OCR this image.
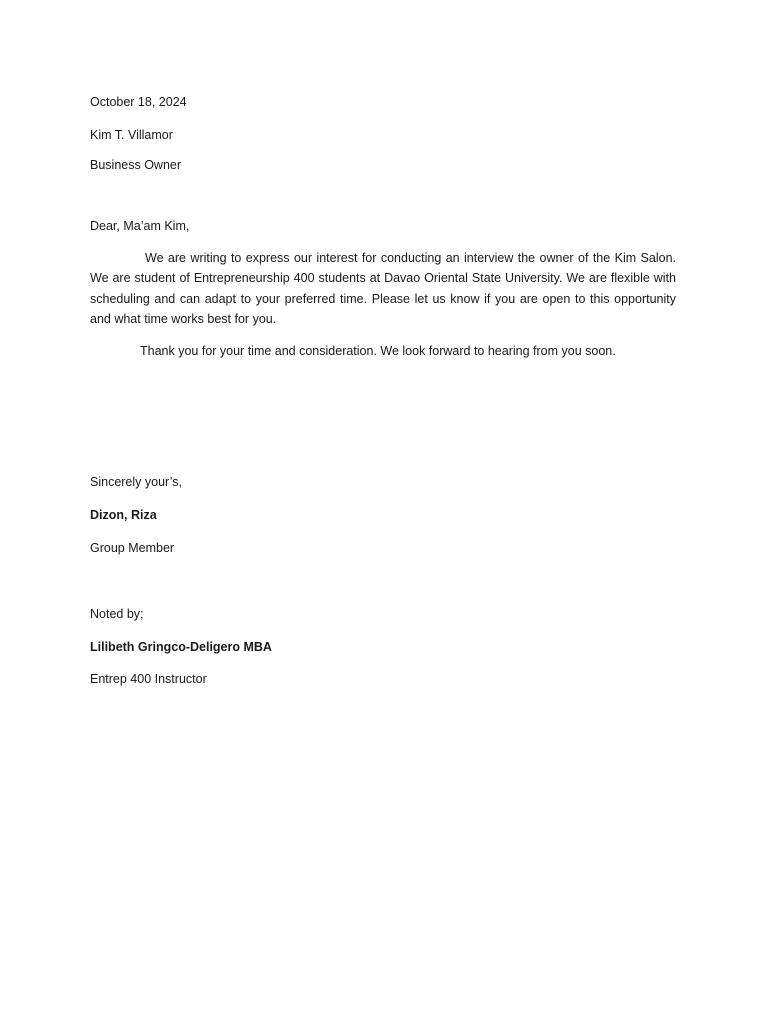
October 18, 2024
Kim T. Villamor
Business Owner
Dear, Ma’am Kim,
We are writing to express our interest for conducting an interview the owner of the Kim Salon. We are student of Entrepreneurship 400 students at Davao Oriental State University. We are flexible with scheduling and can adapt to your preferred time. Please let us know if you are open to this opportunity and what time works best for you.
Thank you for your time and consideration. We look forward to hearing from you soon.
Sincerely your’s,
Dizon, Riza
Group Member
Noted by;
Lilibeth Gringco-Deligero MBA
Entrep 400 Instructor
